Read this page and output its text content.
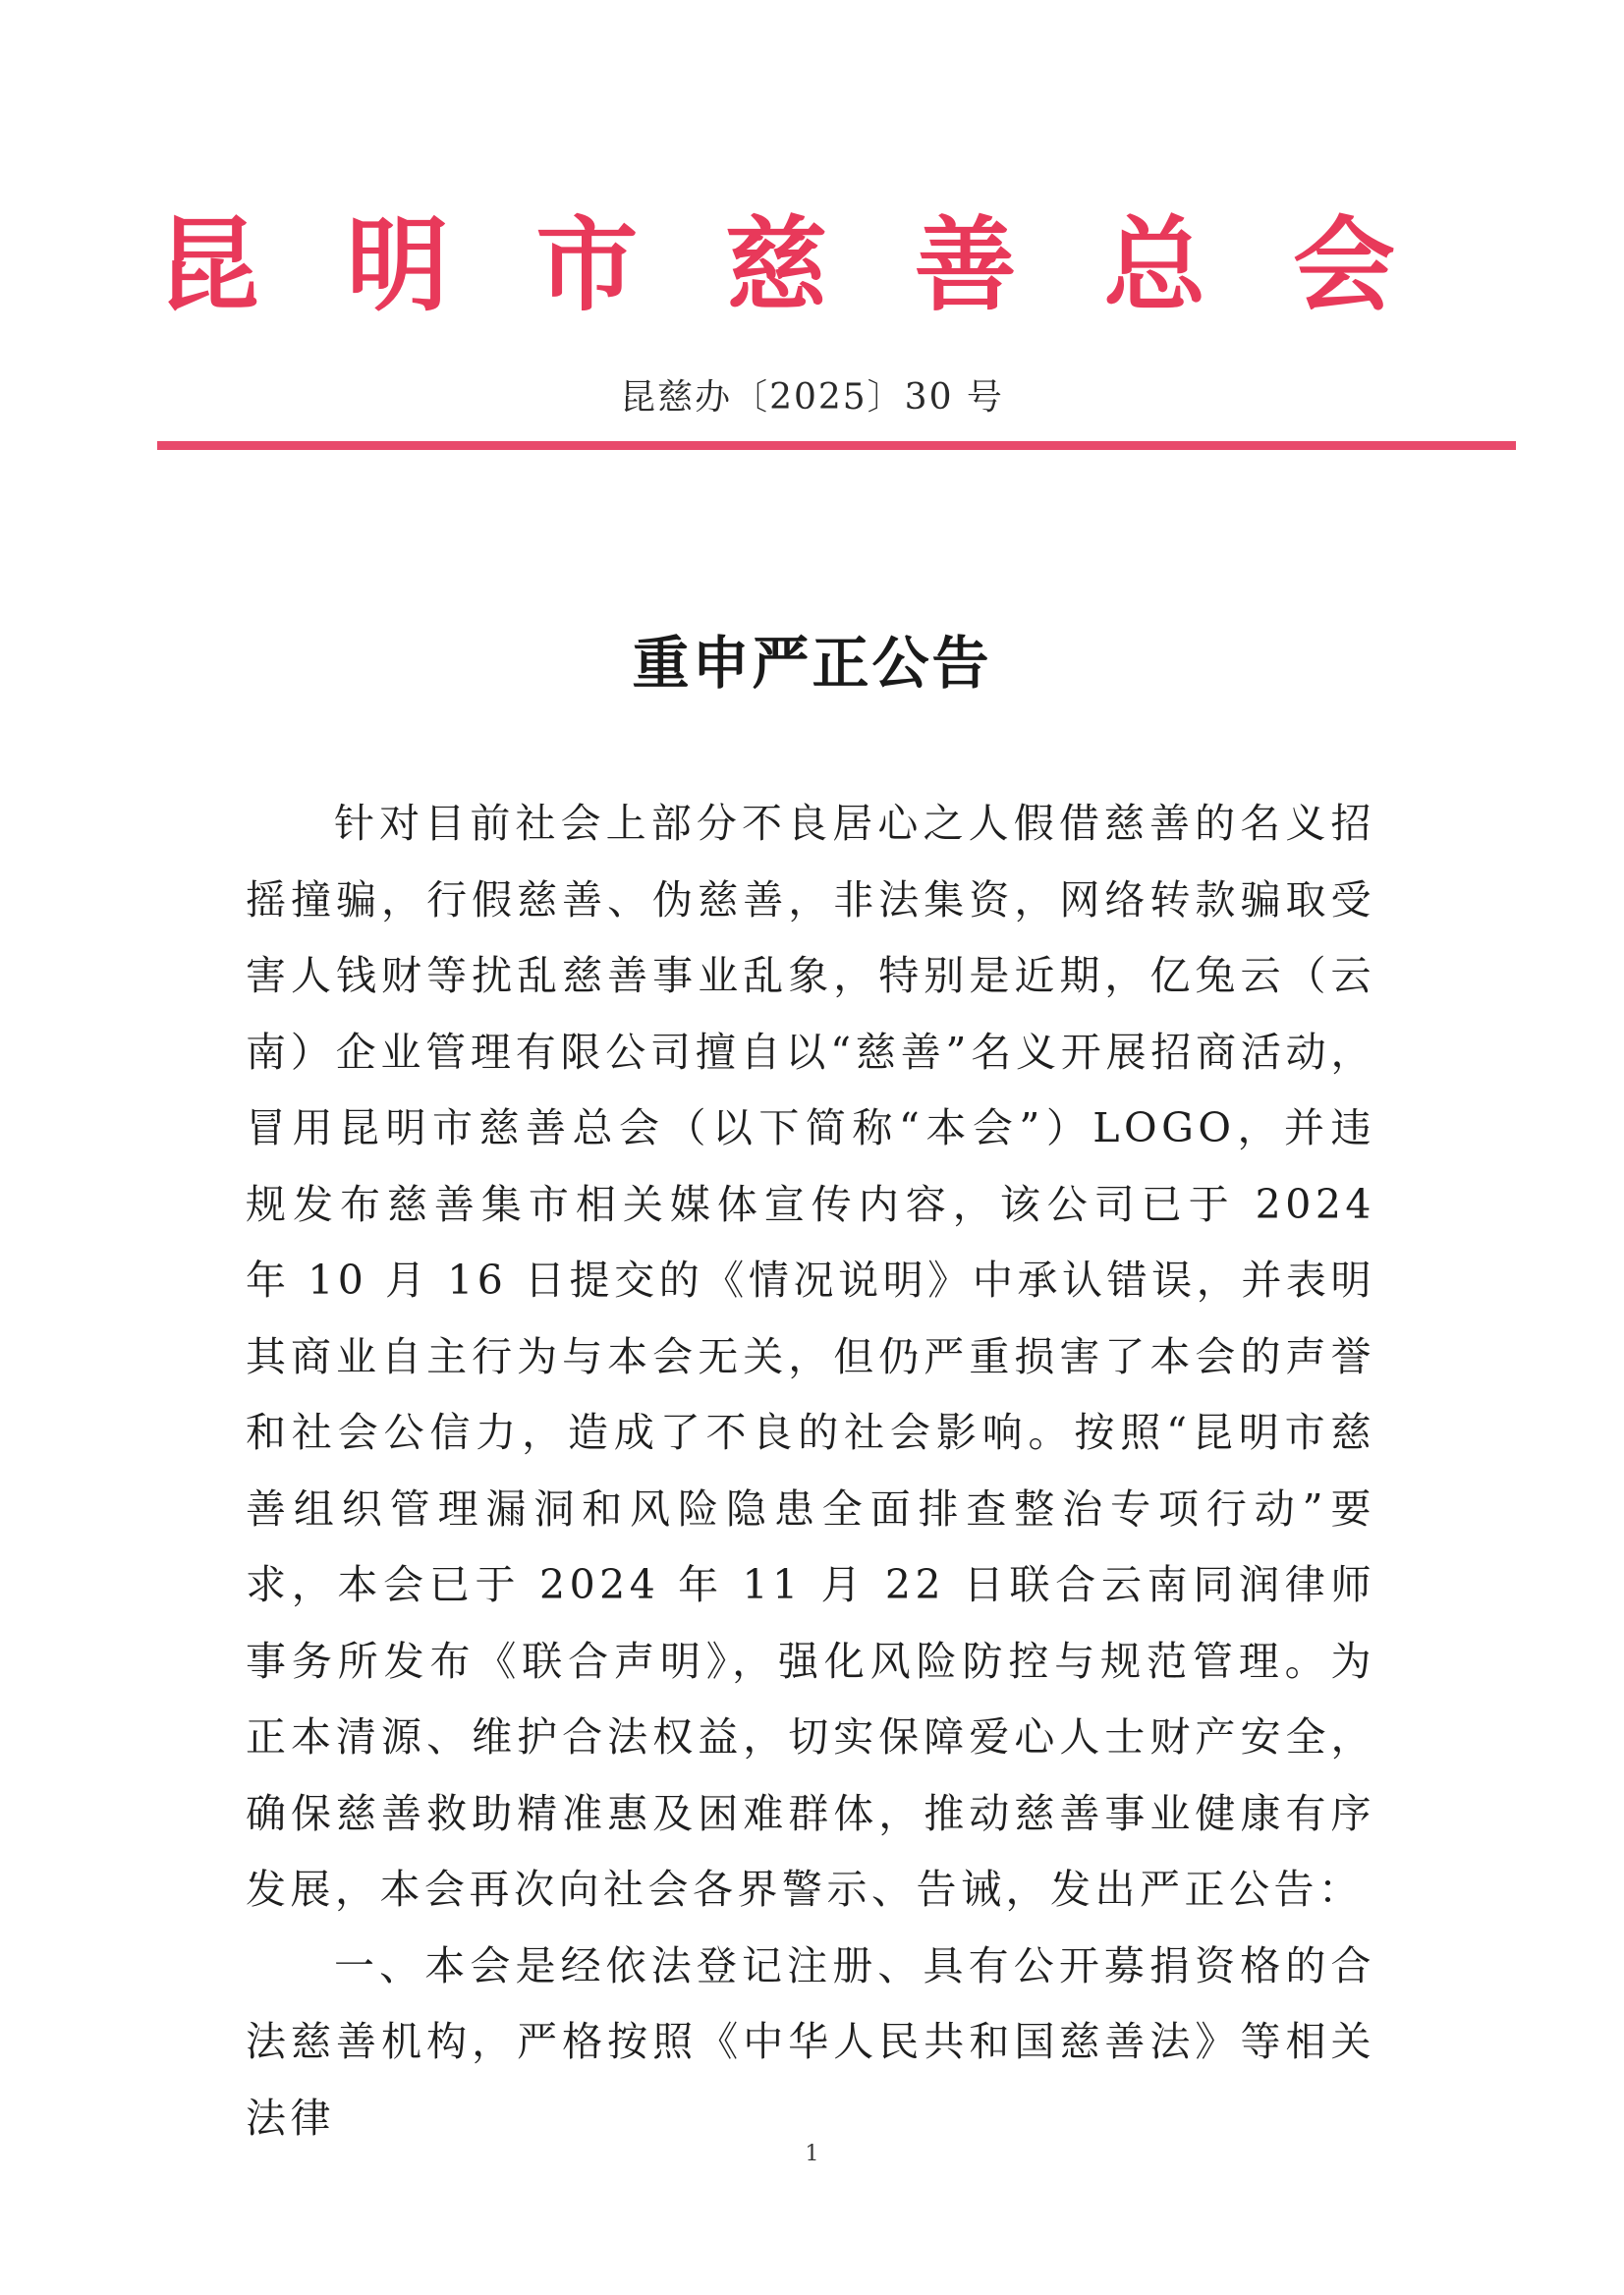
昆 明 市 慈 善 总 会
昆慈办〔2025〕30 号
重申严正公告

针对目前社会上部分不良居心之人假借慈善的名义招摇撞骗，行假慈善、伪慈善，非法集资，网络转款骗取受害人钱财等扰乱慈善事业乱象，特别是近期，亿兔云（云南）企业管理有限公司擅自以“慈善”名义开展招商活动，冒用昆明市慈善总会（以下简称“本会”）LOGO，并违规发布慈善集市相关媒体宣传内容，该公司已于 2024 年 10 月 16 日提交的《情况说明》中承认错误，并表明其商业自主行为与本会无关，但仍严重损害了本会的声誉和社会公信力，造成了不良的社会影响。按照“昆明市慈善组织管理漏洞和风险隐患全面排查整治专项行动”要求，本会已于 2024 年 11 月 22 日联合云南同润律师事务所发布《联合声明》，强化风险防控与规范管理。为正本清源、维护合法权益，切实保障爱心人士财产安全，确保慈善救助精准惠及困难群体，推动慈善事业健康有序发展，本会再次向社会各界警示、告诫，发出严正公告：

一、本会是经依法登记注册、具有公开募捐资格的合法慈善机构，严格按照《中华人民共和国慈善法》等相关法律

1
